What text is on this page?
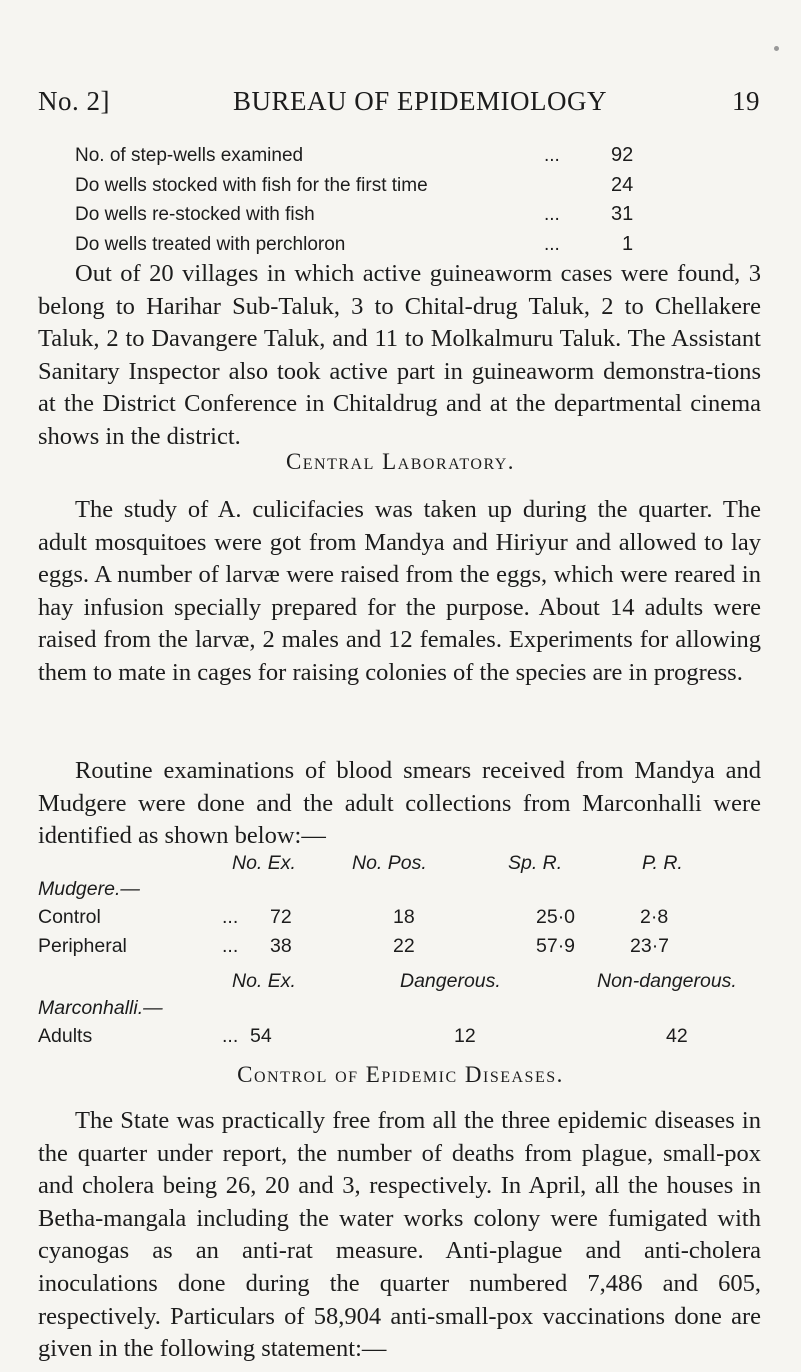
No. 2]	BUREAU OF EPIDEMIOLOGY	19
No. of step-wells examined	...	92
Do wells stocked with fish for the first time	24
Do wells re-stocked with fish	...	31
Do wells treated with perchloron	...	1

Out of 20 villages in which active guineaworm cases were found, 3 belong to Harihar Sub-Taluk, 3 to Chital-drug Taluk, 2 to Chellakere Taluk, 2 to Davangere Taluk, and 11 to Molkalmuru Taluk. The Assistant Sanitary Inspector also took active part in guineaworm demonstra-tions at the District Conference in Chitaldrug and at the departmental cinema shows in the district.

Central Laboratory.

The study of A. culicifacies was taken up during the quarter. The adult mosquitoes were got from Mandya and Hiriyur and allowed to lay eggs. A number of larvæ were raised from the eggs, which were reared in hay infusion specially prepared for the purpose. About 14 adults were raised from the larvæ, 2 males and 12 females. Experiments for allowing them to mate in cages for raising colonies of the species are in progress.

Routine examinations of blood smears received from Mandya and Mudgere were done and the adult collections from Marconhalli were identified as shown below:—

No. Ex.	No. Pos.	Sp. R.	P. R.
Mudgere.—
Control	... 72	18	25·0	2·8
Peripheral	... 38	22	57·9	23·7
No. Ex.	Dangerous.	Non-dangerous.
Marconhalli.—
Adults	... 54	12	42
Control of Epidemic Diseases.

The State was practically free from all the three epidemic diseases in the quarter under report, the number of deaths from plague, small-pox and cholera being 26, 20 and 3, respectively. In April, all the houses in Betha-mangala including the water works colony were fumigated with cyanogas as an anti-rat measure. Anti-plague and anti-cholera inoculations done during the quarter numbered 7,486 and 605, respectively. Particulars of 58,904 anti-small-pox vaccinations done are given in the following statement:—
